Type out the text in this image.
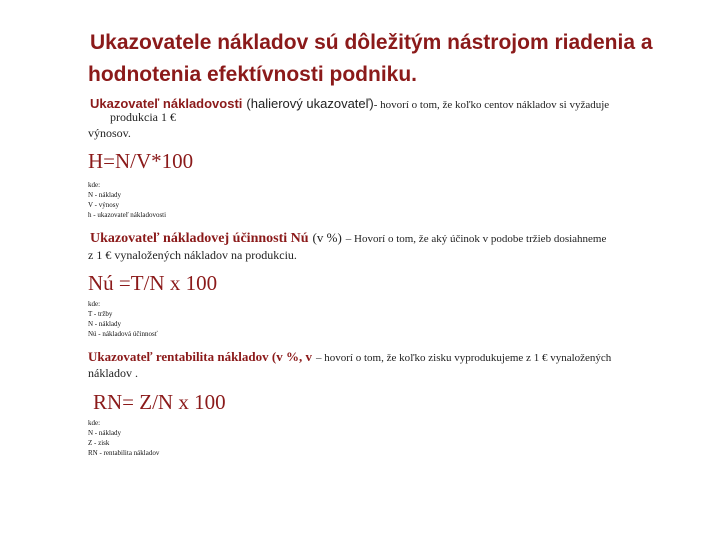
Ukazovatele nákladov sú dôležitým nástrojom riadenia a
hodnotenia efektívnosti podniku.
Ukazovateľ nákladovosti (halierový ukazovateľ)- hovorí o tom, že koľko centov nákladov si vyžaduje
produkcia 1 €
výnosov.
H=N/V*100
kde:
N - náklady
V - výnosy
h - ukazovateľ nákladovosti
Ukazovateľ nákladovej účinnosti Nú (v %) – Hovorí o tom, že aký účinok v podobe tržieb dosiahneme
z 1 € vynaložených nákladov na produkciu.
Nú =T/N x 100
kde:
T - tržby
N - náklady
Nú - nákladová účinnosť
Ukazovateľ rentabilita nákladov (v %, v – hovorí o tom, že koľko zisku vyprodukujeme z 1 € vynaložených
nákladov .
RN= Z/N x 100
kde:
N - náklady
Z - zisk
RN - rentabilita nákladov
